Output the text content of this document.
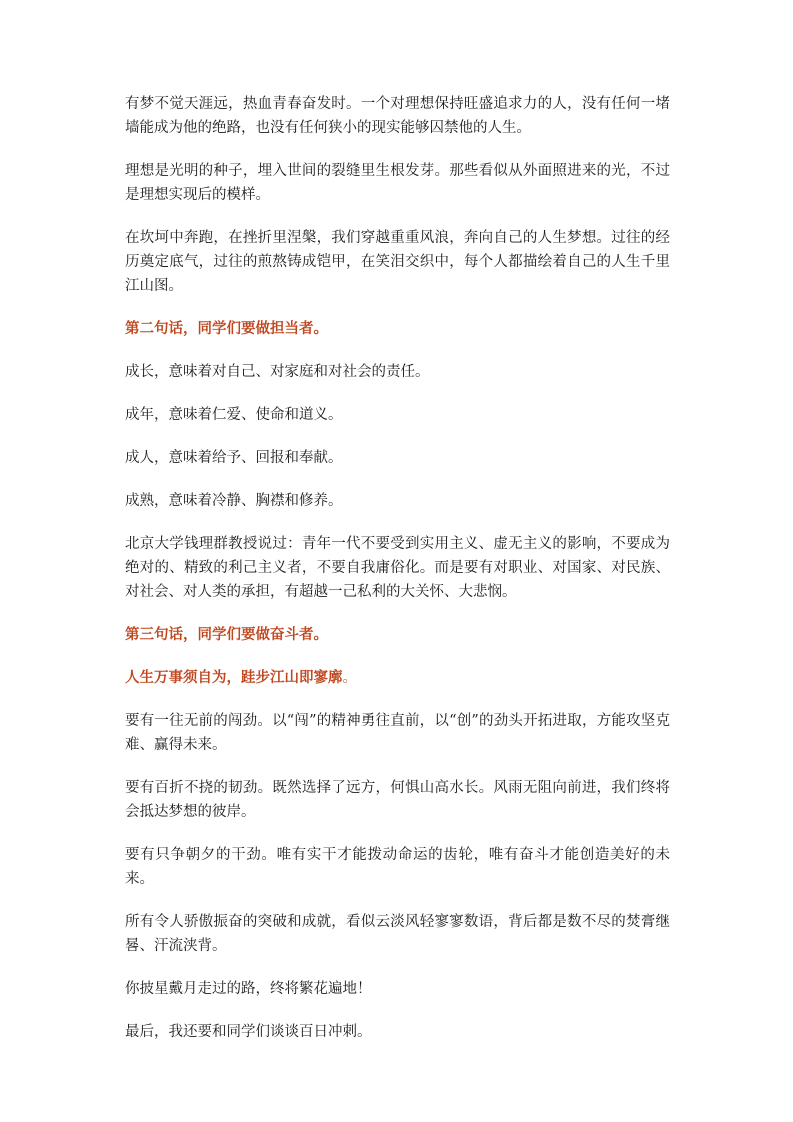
有梦不觉天涯远，热血青春奋发时。一个对理想保持旺盛追求力的人，没有任何一堵墙能成为他的绝路，也没有任何狭小的现实能够囚禁他的人生。

理想是光明的种子，埋入世间的裂缝里生根发芽。那些看似从外面照进来的光，不过是理想实现后的模样。

在坎坷中奔跑，在挫折里涅槃，我们穿越重重风浪，奔向自己的人生梦想。过往的经历奠定底气，过往的煎熬铸成铠甲，在笑泪交织中，每个人都描绘着自己的人生千里江山图。

第二句话，同学们要做担当者。

成长，意味着对自己、对家庭和对社会的责任。

成年，意味着仁爱、使命和道义。

成人，意味着给予、回报和奉献。

成熟，意味着冷静、胸襟和修养。

北京大学钱理群教授说过：青年一代不要受到实用主义、虚无主义的影响，不要成为绝对的、精致的利己主义者，不要自我庸俗化。而是要有对职业、对国家、对民族、对社会、对人类的承担，有超越一己私利的大关怀、大悲悯。

第三句话，同学们要做奋斗者。

人生万事须自为，跬步江山即寥廓。

要有一往无前的闯劲。以“闯”的精神勇往直前，以“创”的劲头开拓进取，方能攻坚克难、赢得未来。

要有百折不挠的韧劲。既然选择了远方，何惧山高水长。风雨无阻向前进，我们终将会抵达梦想的彼岸。

要有只争朝夕的干劲。唯有实干才能拨动命运的齿轮，唯有奋斗才能创造美好的未来。

所有令人骄傲振奋的突破和成就，看似云淡风轻寥寥数语，背后都是数不尽的焚膏继晷、汗流浃背。

你披星戴月走过的路，终将繁花遍地！

最后，我还要和同学们谈谈百日冲刺。
